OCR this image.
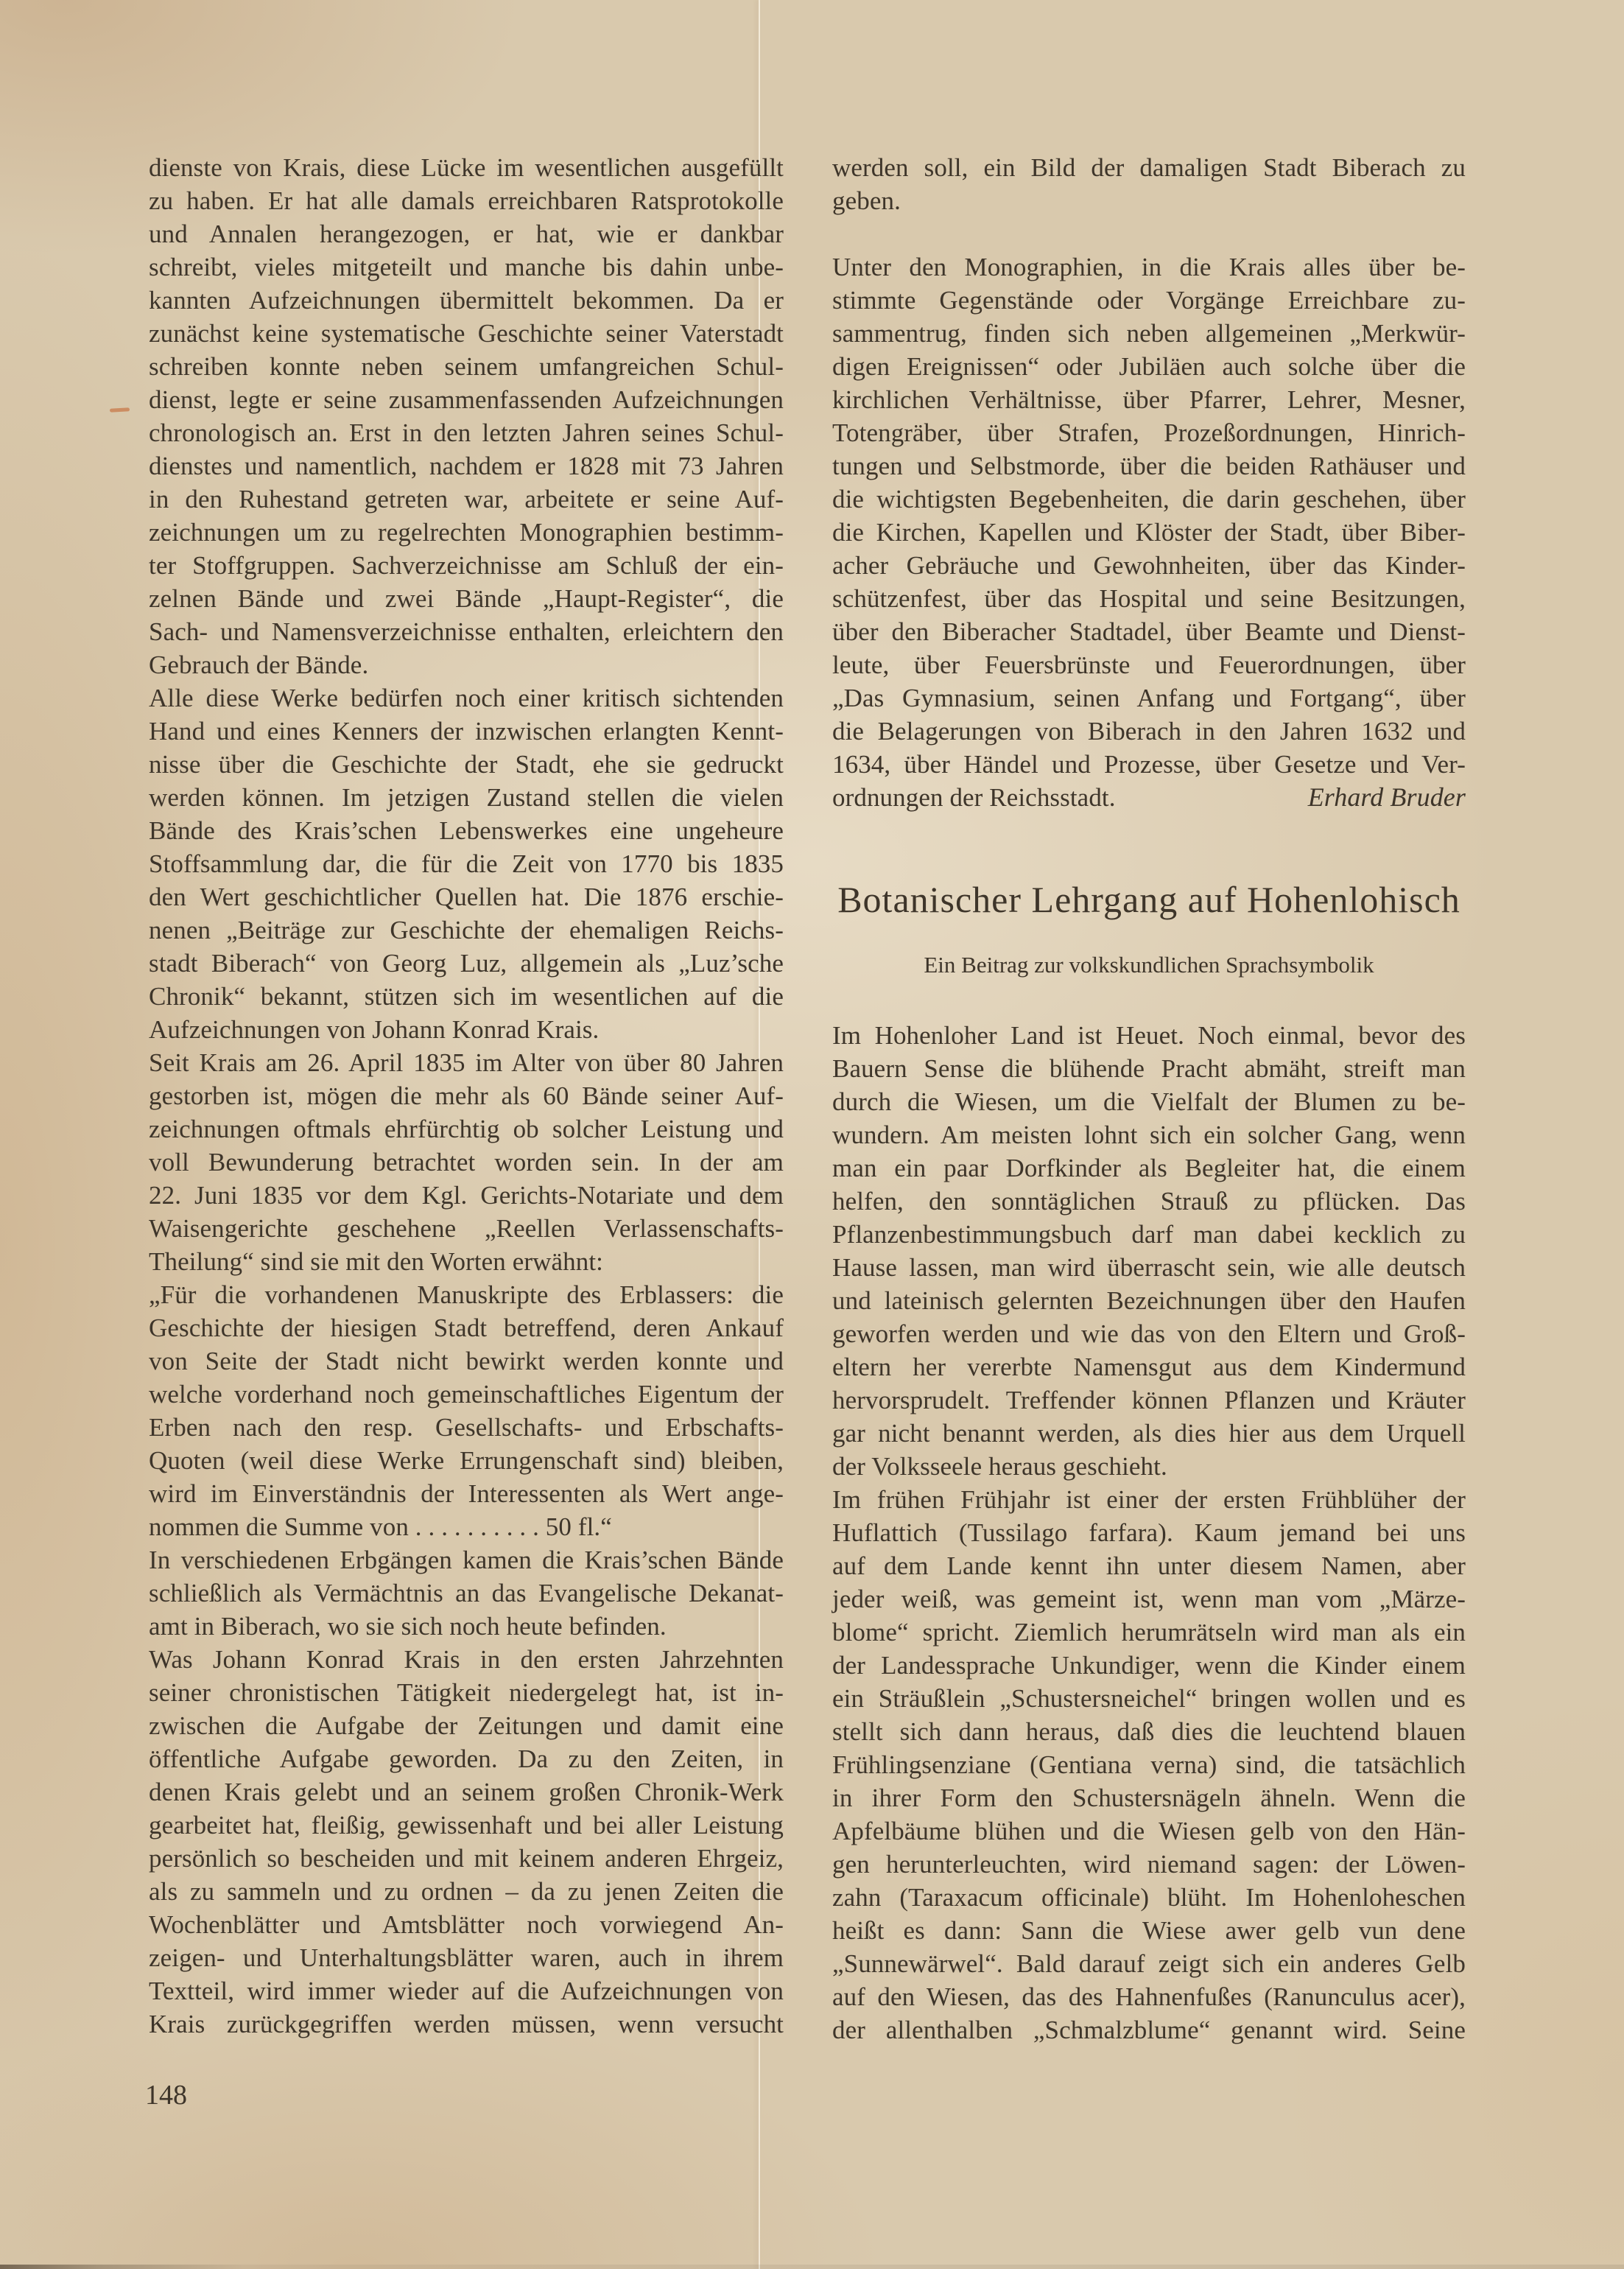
dienste von Krais, diese Lücke im wesentlichen ausgefüllt
zu haben. Er hat alle damals erreichbaren Ratsprotokolle
und Annalen herangezogen, er hat, wie er dankbar
schreibt, vieles mitgeteilt und manche bis dahin unbe-
kannten Aufzeichnungen übermittelt bekommen. Da er
zunächst keine systematische Geschichte seiner Vaterstadt
schreiben konnte neben seinem umfangreichen Schul-
dienst, legte er seine zusammenfassenden Aufzeichnungen
chronologisch an. Erst in den letzten Jahren seines Schul-
dienstes und namentlich, nachdem er 1828 mit 73 Jahren
in den Ruhestand getreten war, arbeitete er seine Auf-
zeichnungen um zu regelrechten Monographien bestimm-
ter Stoffgruppen. Sachverzeichnisse am Schluß der ein-
zelnen Bände und zwei Bände „Haupt-Register“, die
Sach- und Namensverzeichnisse enthalten, erleichtern den
Gebrauch der Bände.
Alle diese Werke bedürfen noch einer kritisch sichtenden
Hand und eines Kenners der inzwischen erlangten Kennt-
nisse über die Geschichte der Stadt, ehe sie gedruckt
werden können. Im jetzigen Zustand stellen die vielen
Bände des Krais’schen Lebenswerkes eine ungeheure
Stoffsammlung dar, die für die Zeit von 1770 bis 1835
den Wert geschichtlicher Quellen hat. Die 1876 erschie-
nenen „Beiträge zur Geschichte der ehemaligen Reichs-
stadt Biberach“ von Georg Luz, allgemein als „Luz’sche
Chronik“ bekannt, stützen sich im wesentlichen auf die
Aufzeichnungen von Johann Konrad Krais.
Seit Krais am 26. April 1835 im Alter von über 80 Jahren
gestorben ist, mögen die mehr als 60 Bände seiner Auf-
zeichnungen oftmals ehrfürchtig ob solcher Leistung und
voll Bewunderung betrachtet worden sein. In der am
22. Juni 1835 vor dem Kgl. Gerichts-Notariate und dem
Waisengerichte geschehene „Reellen Verlassenschafts-
Theilung“ sind sie mit den Worten erwähnt:
„Für die vorhandenen Manuskripte des Erblassers: die
Geschichte der hiesigen Stadt betreffend, deren Ankauf
von Seite der Stadt nicht bewirkt werden konnte und
welche vorderhand noch gemeinschaftliches Eigentum der
Erben nach den resp. Gesellschafts- und Erbschafts-
Quoten (weil diese Werke Errungenschaft sind) bleiben,
wird im Einverständnis der Interessenten als Wert ange-
nommen die Summe von . . . . . . . . . . 50 fl.“
In verschiedenen Erbgängen kamen die Krais’schen Bände
schließlich als Vermächtnis an das Evangelische Dekanat-
amt in Biberach, wo sie sich noch heute befinden.
Was Johann Konrad Krais in den ersten Jahrzehnten
seiner chronistischen Tätigkeit niedergelegt hat, ist in-
zwischen die Aufgabe der Zeitungen und damit eine
öffentliche Aufgabe geworden. Da zu den Zeiten, in
denen Krais gelebt und an seinem großen Chronik-Werk
gearbeitet hat, fleißig, gewissenhaft und bei aller Leistung
persönlich so bescheiden und mit keinem anderen Ehrgeiz,
als zu sammeln und zu ordnen – da zu jenen Zeiten die
Wochenblätter und Amtsblätter noch vorwiegend An-
zeigen- und Unterhaltungsblätter waren, auch in ihrem
Textteil, wird immer wieder auf die Aufzeichnungen von
Krais zurückgegriffen werden müssen, wenn versucht
werden soll, ein Bild der damaligen Stadt Biberach zu
geben.
Unter den Monographien, in die Krais alles über be-
stimmte Gegenstände oder Vorgänge Erreichbare zu-
sammentrug, finden sich neben allgemeinen „Merkwür-
digen Ereignissen“ oder Jubiläen auch solche über die
kirchlichen Verhältnisse, über Pfarrer, Lehrer, Mesner,
Totengräber, über Strafen, Prozeßordnungen, Hinrich-
tungen und Selbstmorde, über die beiden Rathäuser und
die wichtigsten Begebenheiten, die darin geschehen, über
die Kirchen, Kapellen und Klöster der Stadt, über Biber-
acher Gebräuche und Gewohnheiten, über das Kinder-
schützenfest, über das Hospital und seine Besitzungen,
über den Biberacher Stadtadel, über Beamte und Dienst-
leute, über Feuersbrünste und Feuerordnungen, über
„Das Gymnasium, seinen Anfang und Fortgang“, über
die Belagerungen von Biberach in den Jahren 1632 und
1634, über Händel und Prozesse, über Gesetze und Ver-
ordnungen der Reichsstadt.	Erhard Bruder
Botanischer Lehrgang auf Hohenlohisch
Ein Beitrag zur volkskundlichen Sprachsymbolik
Im Hohenloher Land ist Heuet. Noch einmal, bevor des
Bauern Sense die blühende Pracht abmäht, streift man
durch die Wiesen, um die Vielfalt der Blumen zu be-
wundern. Am meisten lohnt sich ein solcher Gang, wenn
man ein paar Dorfkinder als Begleiter hat, die einem
helfen, den sonntäglichen Strauß zu pflücken. Das
Pflanzenbestimmungsbuch darf man dabei kecklich zu
Hause lassen, man wird überrascht sein, wie alle deutsch
und lateinisch gelernten Bezeichnungen über den Haufen
geworfen werden und wie das von den Eltern und Groß-
eltern her vererbte Namensgut aus dem Kindermund
hervorsprudelt. Treffender können Pflanzen und Kräuter
gar nicht benannt werden, als dies hier aus dem Urquell
der Volksseele heraus geschieht.
Im frühen Frühjahr ist einer der ersten Frühblüher der
Huflattich (Tussilago farfara). Kaum jemand bei uns
auf dem Lande kennt ihn unter diesem Namen, aber
jeder weiß, was gemeint ist, wenn man vom „Märze-
blome“ spricht. Ziemlich herumrätseln wird man als ein
der Landessprache Unkundiger, wenn die Kinder einem
ein Sträußlein „Schustersneichel“ bringen wollen und es
stellt sich dann heraus, daß dies die leuchtend blauen
Frühlingsenziane (Gentiana verna) sind, die tatsächlich
in ihrer Form den Schustersnägeln ähneln. Wenn die
Apfelbäume blühen und die Wiesen gelb von den Hän-
gen herunterleuchten, wird niemand sagen: der Löwen-
zahn (Taraxacum officinale) blüht. Im Hohenloheschen
heißt es dann: Sann die Wiese awer gelb vun dene
„Sunnewärwel“. Bald darauf zeigt sich ein anderes Gelb
auf den Wiesen, das des Hahnenfußes (Ranunculus acer),
der allenthalben „Schmalzblume“ genannt wird. Seine
148
